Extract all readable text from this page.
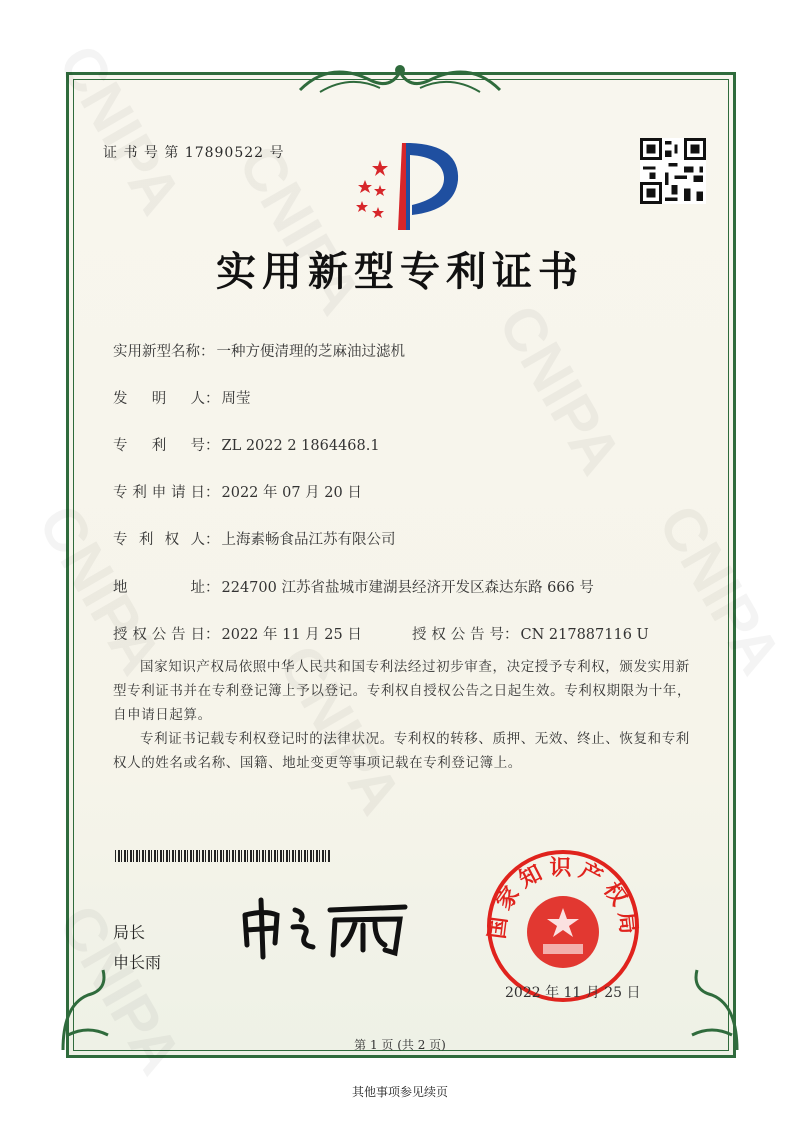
证 书 号 第 17890522 号
实用新型专利证书
实用新型名称： 一种方便清理的芝麻油过滤机
发明人： 周莹
专利号： ZL 2022 2 1864468.1
专利申请日： 2022 年 07 月 20 日
专利权人： 上海素畅食品江苏有限公司
地址： 224700 江苏省盐城市建湖县经济开发区森达东路 666 号
授权公告日： 2022 年 11 月 25 日	授权公告号： CN 217887116 U

国家知识产权局依照中华人民共和国专利法经过初步审查，决定授予专利权，颁发实用新型专利证书并在专利登记簿上予以登记。专利权自授权公告之日起生效。专利权期限为十年，自申请日起算。

专利证书记载专利权登记时的法律状况。专利权的转移、质押、无效、终止、恢复和专利权人的姓名或名称、国籍、地址变更等事项记载在专利登记簿上。

局长
申长雨
国家知识产权局
2022 年 11 月 25 日
第 1 页 (共 2 页)
其他事项参见续页
